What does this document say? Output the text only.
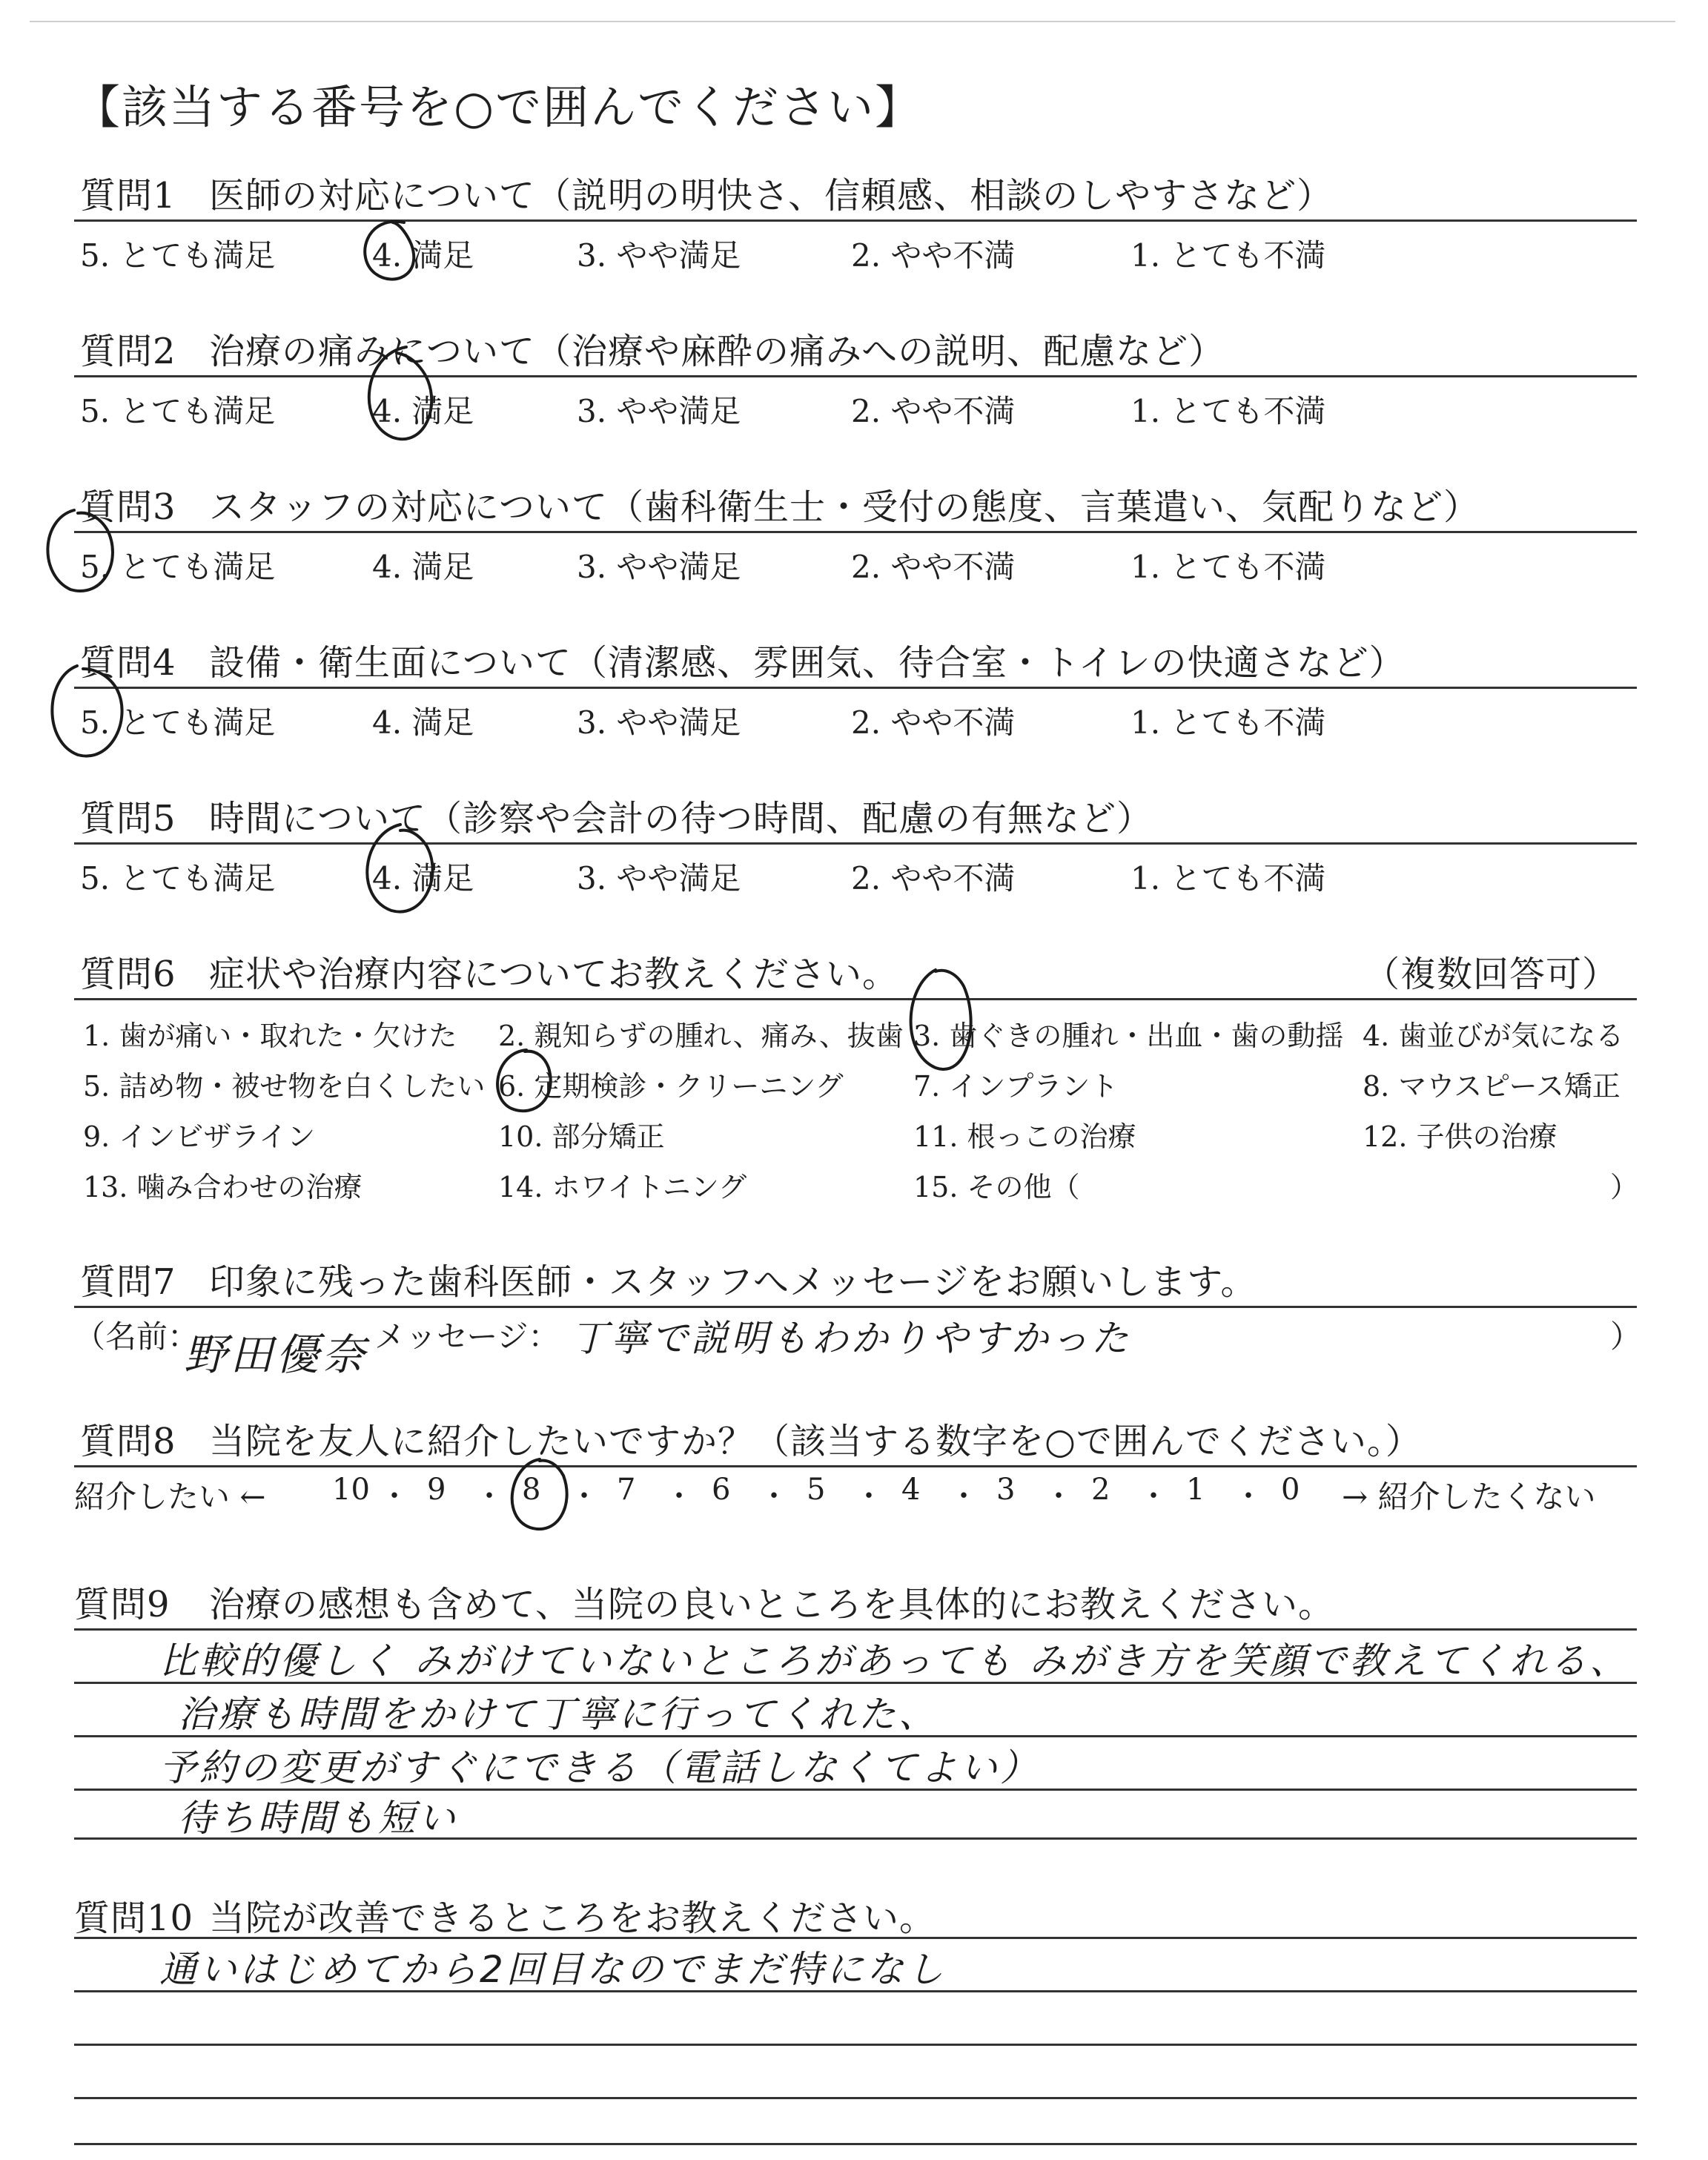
【該当する番号を○で囲んでください】
質問1 医師の対応について（説明の明快さ、信頼感、相談のしやすさなど）
5. とても満足	4. 満足	3. やや満足	2. やや不満	1. とても不満
質問2 治療の痛みについて（治療や麻酔の痛みへの説明、配慮など）
5. とても満足	4. 満足	3. やや満足	2. やや不満	1. とても不満
質問3 スタッフの対応について（歯科衛生士・受付の態度、言葉遣い、気配りなど）
5. とても満足	4. 満足	3. やや満足	2. やや不満	1. とても不満
質問4 設備・衛生面について（清潔感、雰囲気、待合室・トイレの快適さなど）
5. とても満足	4. 満足	3. やや満足	2. やや不満	1. とても不満
質問5 時間について（診察や会計の待つ時間、配慮の有無など）
5. とても満足	4. 満足	3. やや満足	2. やや不満	1. とても不満
質問6 症状や治療内容についてお教えください。	（複数回答可）
1. 歯が痛い・取れた・欠けた 2. 親知らずの腫れ、痛み、抜歯 3. 歯ぐきの腫れ・出血・歯の動揺 4. 歯並びが気になる
5. 詰め物・被せ物を白くしたい 6. 定期検診・クリーニング 7. インプラント	8. マウスピース矯正
9. インビザライン	10. 部分矯正	11. 根っこの治療	12. 子供の治療
13. 噛み合わせの治療	14. ホワイトニング	15. その他（	）
質問7 印象に残った歯科医師・スタッフへメッセージをお願いします。
（名前：
野田優奈 メッセージ： 丁寧で説明もわかりやすかった	）
質問8 当院を友人に紹介したいですか？（該当する数字を○で囲んでください。）
紹介したい ← 10 ・ 9 ・ 8 ・ 7 ・ 6 ・ 5 ・ 4 ・ 3 ・ 2 ・ 1 ・ 0 → 紹介したくない
質問9 治療の感想も含めて、当院の良いところを具体的にお教えください。
比較的優しく みがけていないところがあっても みがき方を笑顔で教えてくれる、
治療も時間をかけて丁寧に行ってくれた、
予約の変更がすぐにできる（電話しなくてよい）
待ち時間も短い
質問10 当院が改善できるところをお教えください。
通いはじめてから2回目なのでまだ特になし
